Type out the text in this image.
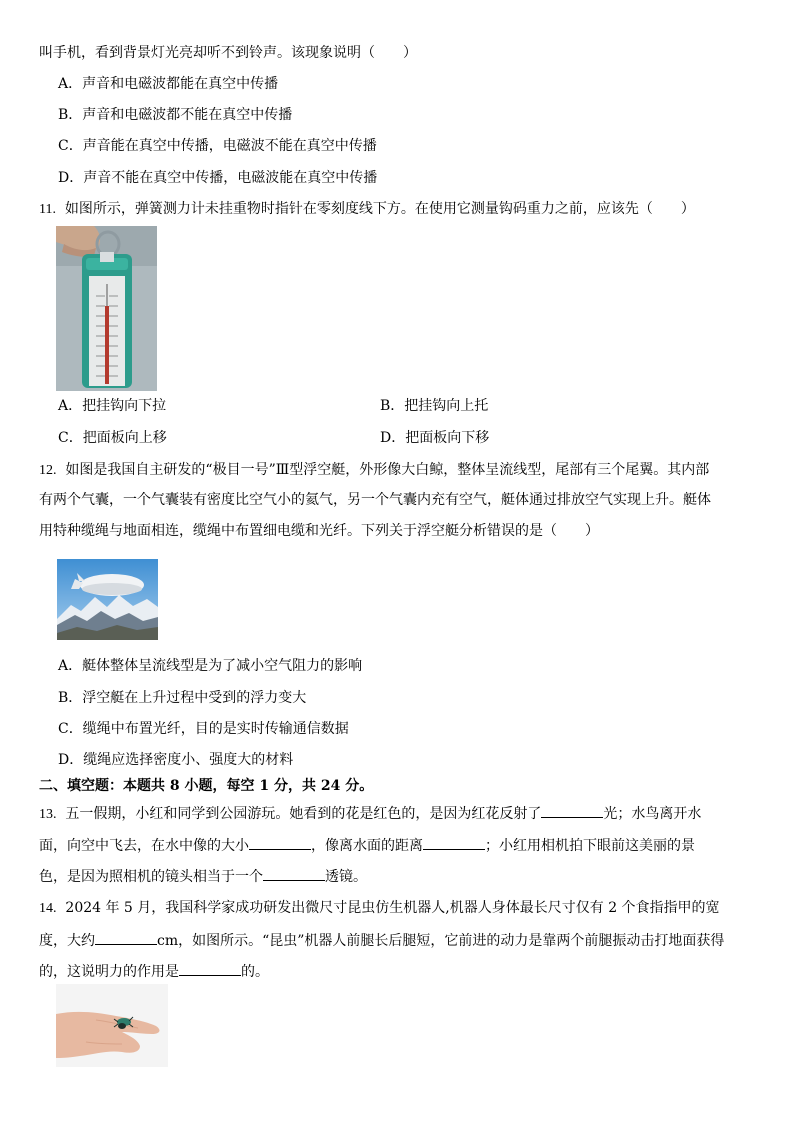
叫手机，看到背景灯光亮却听不到铃声。该现象说明（　　）
A．声音和电磁波都能在真空中传播
B．声音和电磁波都不能在真空中传播
C．声音能在真空中传播，电磁波不能在真空中传播
D．声音不能在真空中传播，电磁波能在真空中传播
11. 如图所示，弹簧测力计未挂重物时指针在零刻度线下方。在使用它测量钩码重力之前，应该先（　　）
A．把挂钩向下拉	B．把挂钩向上托
C．把面板向上移	D．把面板向下移
12. 如图是我国自主研发的“极目一号”Ⅲ型浮空艇，外形像大白鲸，整体呈流线型，尾部有三个尾翼。其内部
有两个气囊，一个气囊装有密度比空气小的氦气，另一个气囊内充有空气，艇体通过排放空气实现上升。艇体
用特种缆绳与地面相连，缆绳中布置细电缆和光纤。下列关于浮空艇分析错误的是（　　）
A．艇体整体呈流线型是为了减小空气阻力的影响
B．浮空艇在上升过程中受到的浮力变大
C．缆绳中布置光纤，目的是实时传输通信数据
D．缆绳应选择密度小、强度大的材料
二、填空题：本题共 8 小题，每空 1 分，共 24 分。
13. 五一假期，小红和同学到公园游玩。她看到的花是红色的，是因为红花反射了	光；水鸟离开水
面，向空中飞去，在水中像的大小	，像离水面的距离	；小红用相机拍下眼前这美丽的景
色，是因为照相机的镜头相当于一个	透镜。
14. 2024 年 5 月，我国科学家成功研发出微尺寸昆虫仿生机器人,机器人身体最长尺寸仅有 2 个食指指甲的宽
度，大约	cm，如图所示。“昆虫”机器人前腿长后腿短，它前进的动力是靠两个前腿振动击打地面获得
的，这说明力的作用是	的。
